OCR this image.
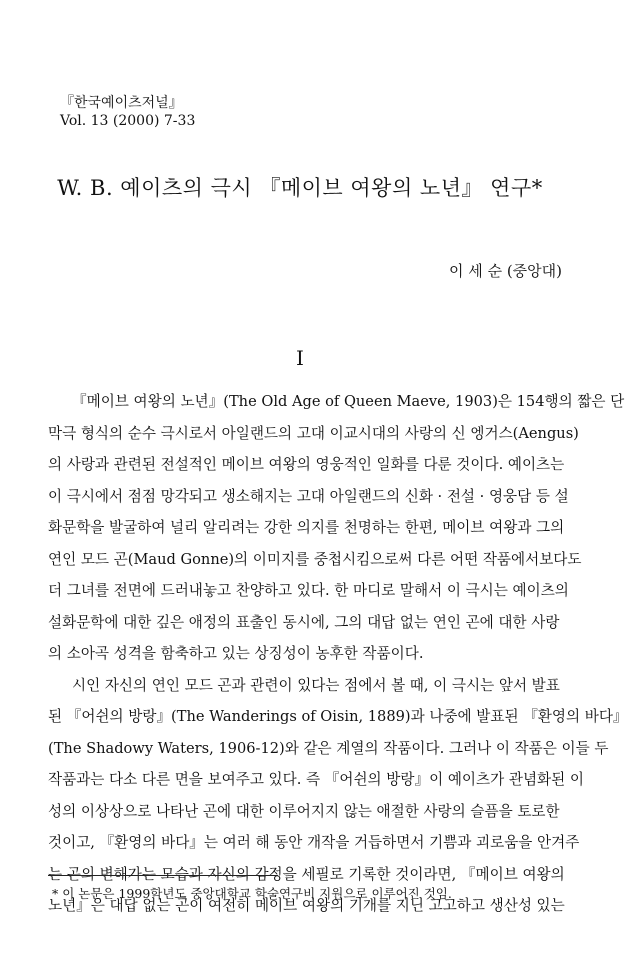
『한국예이츠저널』
Vol. 13 (2000) 7-33
W. B. 예이츠의 극시 『메이브 여왕의 노년』 연구*
이 세 순 (중앙대)
I
『메이브 여왕의 노년』(The Old Age of Queen Maeve, 1903)은 154행의 짧은 단
막극 형식의 순수 극시로서 아일랜드의 고대 이교시대의 사랑의 신 엥거스(Aengus)
의 사랑과 관련된 전설적인 메이브 여왕의 영웅적인 일화를 다룬 것이다. 예이츠는
이 극시에서 점점 망각되고 생소해지는 고대 아일랜드의 신화 · 전설 · 영웅담 등 설
화문학을 발굴하여 널리 알리려는 강한 의지를 천명하는 한편, 메이브 여왕과 그의
연인 모드 곤(Maud Gonne)의 이미지를 중첩시킴으로써 다른 어떤 작품에서보다도
더 그녀를 전면에 드러내놓고 찬양하고 있다. 한 마디로 말해서 이 극시는 예이츠의
설화문학에 대한 깊은 애정의 표출인 동시에, 그의 대답 없는 연인 곤에 대한 사랑
의 소아곡 성격을 함축하고 있는 상징성이 농후한 작품이다.
시인 자신의 연인 모드 곤과 관련이 있다는 점에서 볼 때, 이 극시는 앞서 발표
된 『어쉰의 방랑』(The Wanderings of Oisin, 1889)과 나중에 발표된 『환영의 바다』
(The Shadowy Waters, 1906-12)와 같은 계열의 작품이다. 그러나 이 작품은 이들 두
작품과는 다소 다른 면을 보여주고 있다. 즉 『어쉰의 방랑』이 예이츠가 관념화된 이
성의 이상상으로 나타난 곤에 대한 이루어지지 않는 애절한 사랑의 슬픔을 토로한
것이고, 『환영의 바다』는 여러 해 동안 개작을 거듭하면서 기쁨과 괴로움을 안겨주
는 곤의 변해가는 모습과 자신의 감정을 세필로 기록한 것이라면, 『메이브 여왕의
노년』은 대답 없는 곤이 여전히 메이브 여왕의 기개를 지닌 고고하고 생산성 있는
* 이 논문은 1999학년도 중앙대학교 학술연구비 지원으로 이루어진 것임.
